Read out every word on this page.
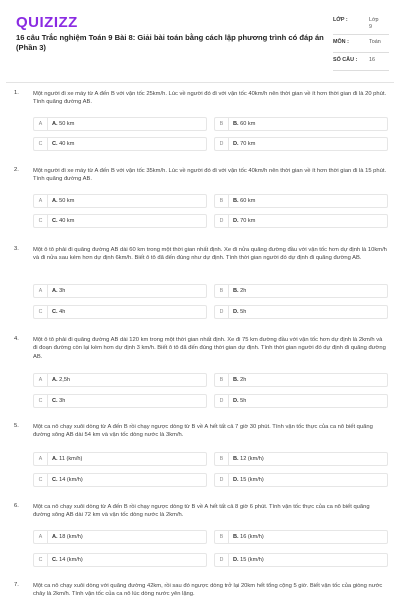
QUIZIZZ
16 câu Trắc nghiệm Toán 9 Bài 8: Giải bài toán bằng cách lập phương trình có đáp án (Phần 3)
LỚP :	Lớp 9
MÔN :	Toán
SỐ CÂU : 16
1. Một người đi xe máy từ A đến B với vận tốc 25km/h. Lúc về người đó đi với vận tốc 40km/h nên thời gian về ít hơn thời gian đi là 20 phút. Tính quãng đường AB.
A	A. 50 km	B	B. 60 km
C	C. 40 km	D	D. 70 km
2. Một người đi xe máy từ A đến B với vận tốc 35km/h. Lúc về người đó đi với vận tốc 40km/h nên thời gian về ít hơn thời gian đi là 15 phút. Tính quãng đường AB.
A	A. 50 km	B	B. 60 km
C	C. 40 km	D	D. 70 km
3. Một ô tô phải đi quãng đường AB dài 60 km trong một thời gian nhất định. Xe đi nửa quãng đường đầu với vận tốc hơn dự định là 10km/h và đi nửa sau kém hơn dự định 6km/h. Biết ô tô đã đến đúng như dự định. Tính thời gian người đó dự định đi quãng đường AB.
A	A. 3h	B	B. 2h
C	C. 4h	D	D. 5h
4. Một ô tô phải đi quãng đường AB dài 120 km trong một thời gian nhất định. Xe đi 75 km đường đầu với vận tốc hơn dự định là 2km/h và đi đoạn đường còn lại kém hơn dự định 3 km/h. Biết ô tô đã đến đúng thời gian dự định. Tính thời gian người đó dự định đi quãng đường AB.
A	A. 2,5h	B	B. 2h
C	C. 3h	D	D. 5h
5. Một ca nô chạy xuôi dòng từ A đến B rồi chạy ngược dòng từ B về A hết tất cả 7 giờ 30 phút. Tính vận tốc thực của ca nô biết quãng đường sông AB dài 54 km và vận tốc dòng nước là 3km/h.
A	A. 11 (km/h)	B	B. 12 (km/h)
C	C. 14 (km/h)	D	D. 15 (km/h)
6. Một ca nô chạy xuôi dòng từ A đến B rồi chạy ngược dòng từ B về A hết tất cả 8 giờ 6 phút. Tính vận tốc thực của ca nô biết quãng đường sông AB dài 72 km và vận tốc dòng nước là 2km/h.
A	A. 18 (km/h)	B	B. 16 (km/h)
C	C. 14 (km/h)	D	D. 15 (km/h)
7. Một ca nô chạy xuôi dòng với quãng đường 42km, rồi sau đó ngược dòng trở lại 20km hết tổng cộng 5 giờ. Biết vận tốc của giòng nước chảy là 2km/h. Tính vận tốc của ca nô lúc dòng nước yên lặng.
